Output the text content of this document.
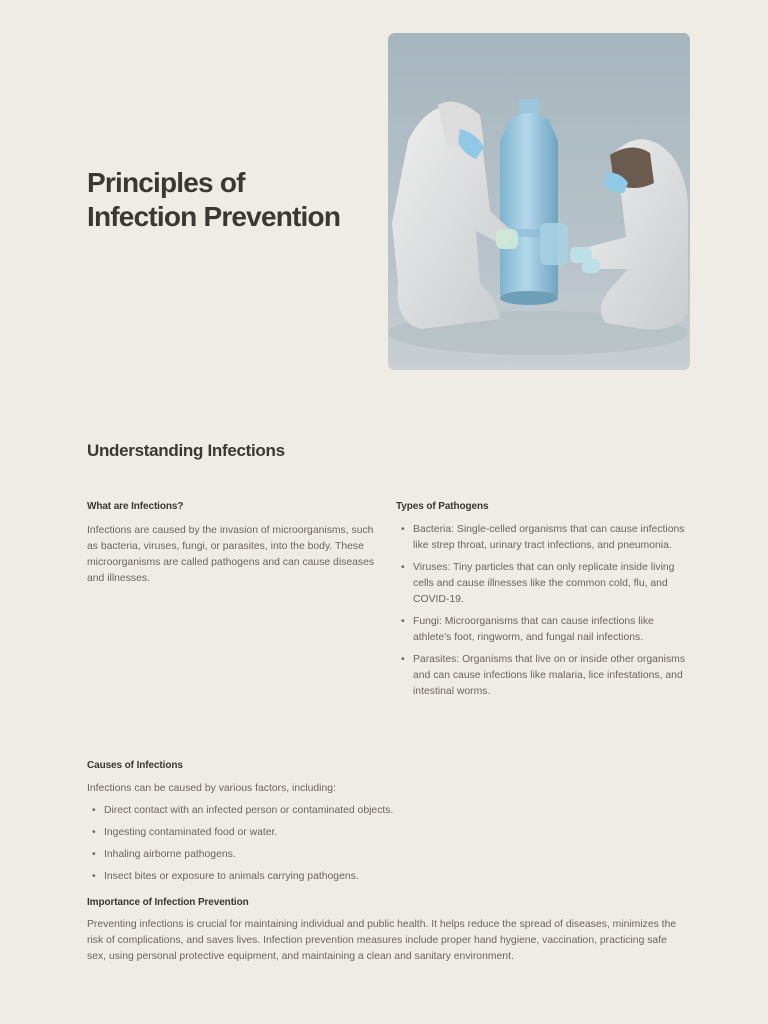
Principles of
Infection Prevention
Understanding Infections
What are Infections?

Infections are caused by the invasion of microorganisms, such as bacteria, viruses, fungi, or parasites, into the body. These microorganisms are called pathogens and can cause diseases and illnesses.

Types of Pathogens
• Bacteria: Single-celled organisms that can cause infections like strep throat, urinary tract infections, and pneumonia.
• Viruses: Tiny particles that can only replicate inside living cells and cause illnesses like the common cold, flu, and COVID-19.
• Fungi: Microorganisms that can cause infections like athlete's foot, ringworm, and fungal nail infections.
• Parasites: Organisms that live on or inside other organisms and can cause infections like malaria, lice infestations, and intestinal worms.
Causes of Infections

Infections can be caused by various factors, including:

• Direct contact with an infected person or contaminated objects.
• Ingesting contaminated food or water.
• Inhaling airborne pathogens.
• Insect bites or exposure to animals carrying pathogens.
Importance of Infection Prevention

Preventing infections is crucial for maintaining individual and public health. It helps reduce the spread of diseases, minimizes the risk of complications, and saves lives. Infection prevention measures include proper hand hygiene, vaccination, practicing safe sex, using personal protective equipment, and maintaining a clean and sanitary environment.
